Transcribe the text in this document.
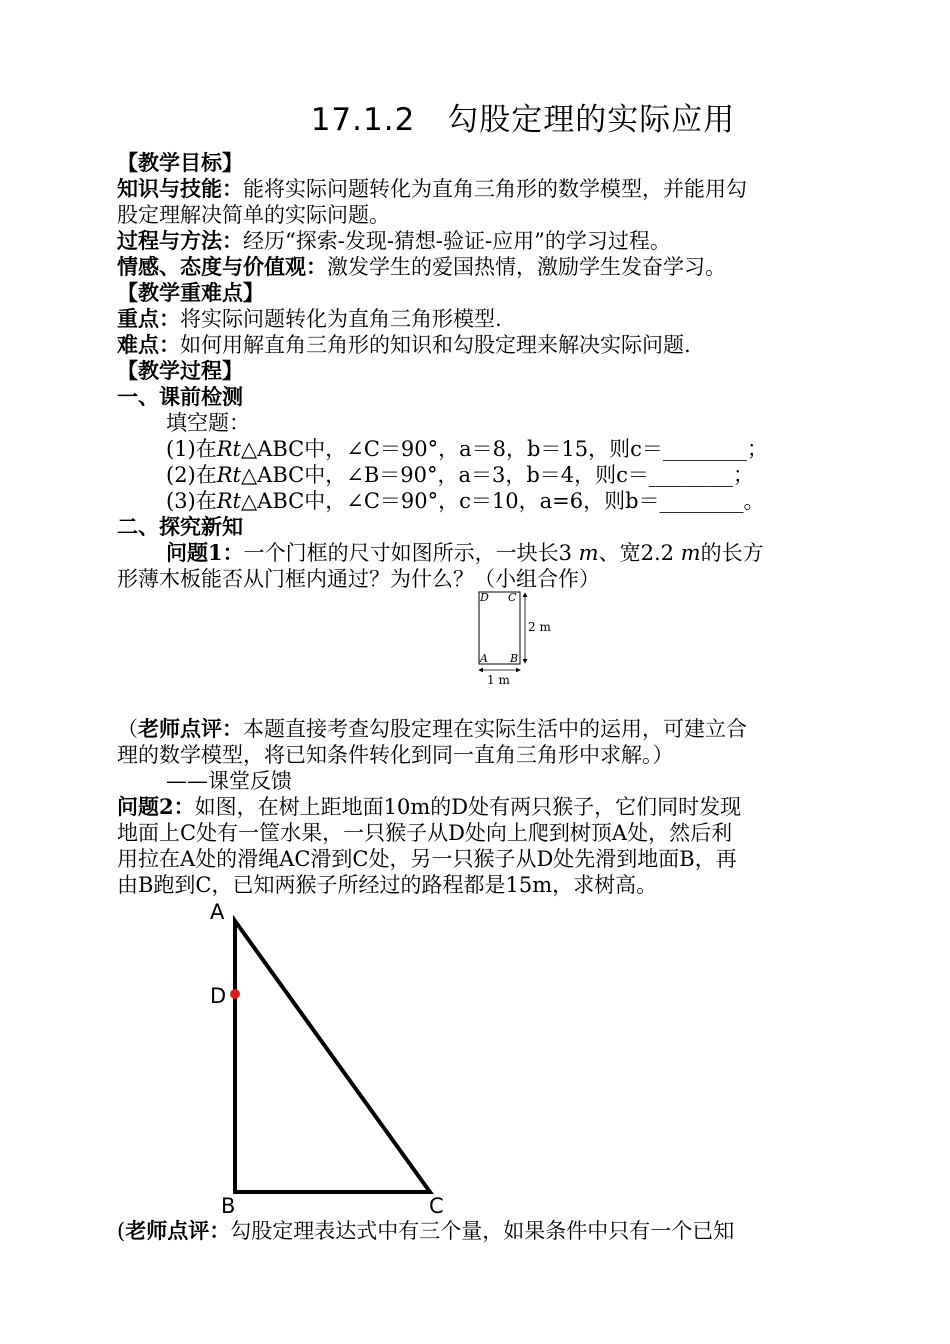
17.1.2　勾股定理的实际应用
【教学目标】
知识与技能：能将实际问题转化为直角三角形的数学模型，并能用勾
股定理解决简单的实际问题。
过程与方法：经历“探索-发现-猜想-验证-应用”的学习过程。
情感、态度与价值观：激发学生的爱国热情，激励学生发奋学习。
【教学重难点】
重点：将实际问题转化为直角三角形模型.
难点：如何用解直角三角形的知识和勾股定理来解决实际问题.
【教学过程】
一、课前检测
填空题：
(1)在Rt△ABC中，∠C＝90°，a＝8，b＝15，则c＝________；
(2)在Rt△ABC中，∠B＝90°，a＝3，b＝4，则c＝________；
(3)在Rt△ABC中，∠C＝90°，c＝10，a=6，则b＝________。
二、探究新知
问题1：一个门框的尺寸如图所示，一块长3 m、宽2.2 m的长方
形薄木板能否从门框内通过？为什么？（小组合作）
D C
A B
2 m
1 m
（老师点评：本题直接考查勾股定理在实际生活中的运用，可建立合
理的数学模型，将已知条件转化到同一直角三角形中求解。）
——课堂反馈
问题2：如图，在树上距地面10m的D处有两只猴子，它们同时发现
地面上C处有一筐水果，一只猴子从D处向上爬到树顶A处，然后利
用拉在A处的滑绳AC滑到C处，另一只猴子从D处先滑到地面B，再
由B跑到C，已知两猴子所经过的路程都是15m，求树高。
A
D
B	C
(老师点评：勾股定理表达式中有三个量，如果条件中只有一个已知
